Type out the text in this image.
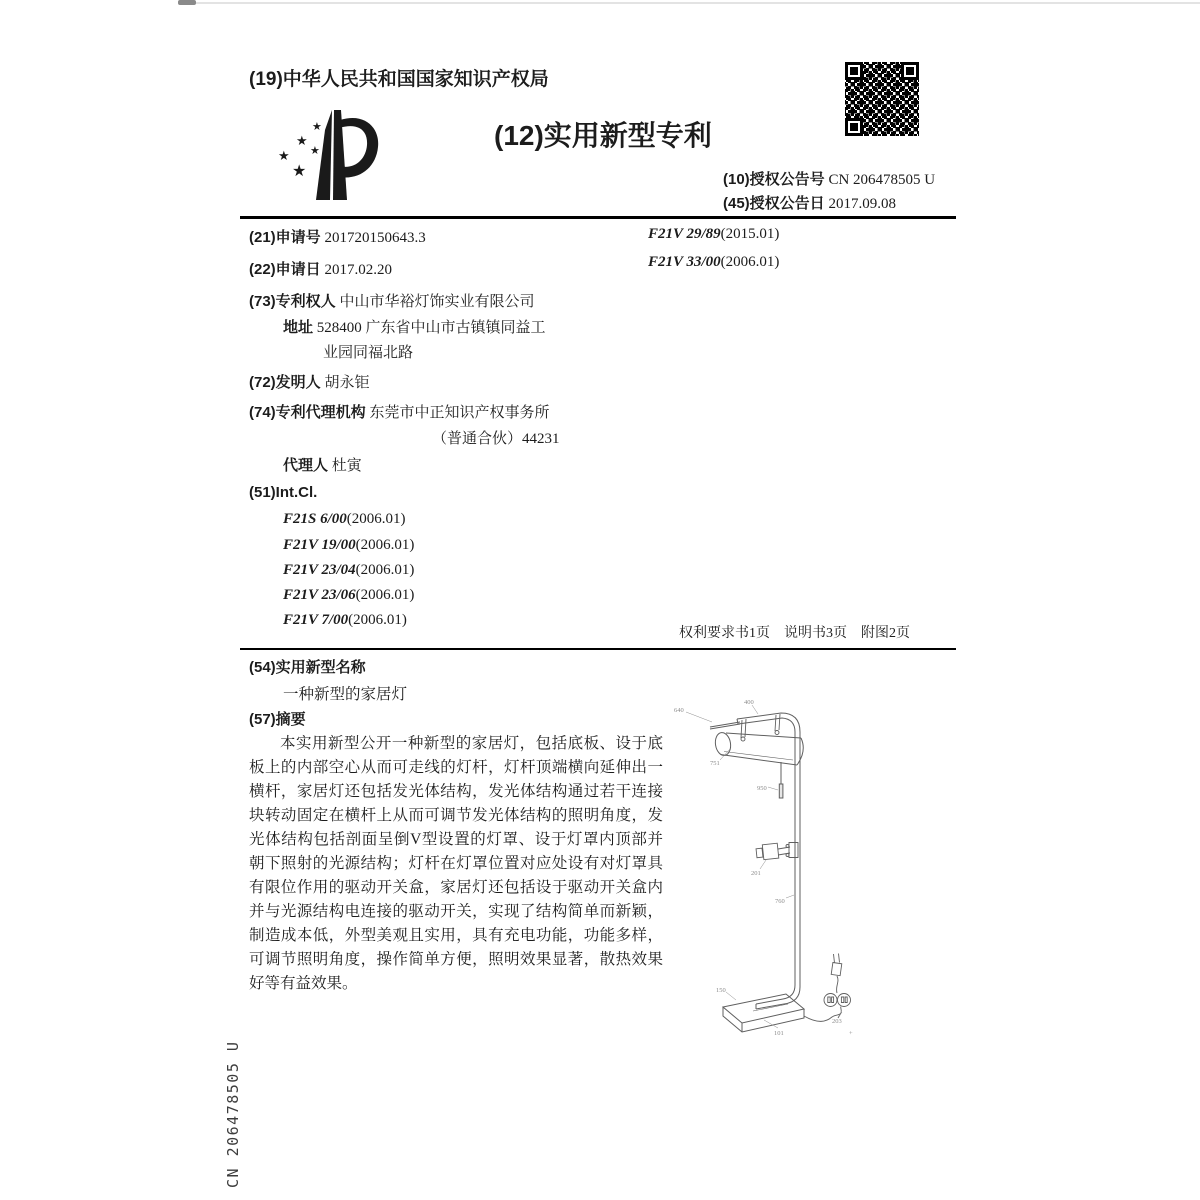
(19)中华人民共和国国家知识产权局
★
★
★
★
★	(12)实用新型专利
(10)授权公告号 CN 206478505 U
(45)授权公告日 2017.09.08
(21)申请号 201720150643.3
(22)申请日 2017.02.20
(73)专利权人 中山市华裕灯饰实业有限公司
地址 528400 广东省中山市古镇镇同益工
业园同福北路
(72)发明人 胡永钜
(74)专利代理机构 东莞市中正知识产权事务所
（普通合伙）44231
代理人 杜寅
(51)Int.Cl.
F21S 6/00(2006.01)
F21V 19/00(2006.01)
F21V 23/04(2006.01)
F21V 23/06(2006.01)
F21V 7/00(2006.01)
F21V 29/89(2015.01)
F21V 33/00(2006.01)
权利要求书1页　说明书3页　附图2页
(54)实用新型名称
一种新型的家居灯
(57)摘要
本实用新型公开一种新型的家居灯，包括底板、设于底板上的内部空心从而可走线的灯杆，灯杆顶端横向延伸出一横杆，家居灯还包括发光体结构，发光体结构通过若干连接块转动固定在横杆上从而可调节发光体结构的照明角度，发光体结构包括剖面呈倒V型设置的灯罩、设于灯罩内顶部并朝下照射的光源结构；灯杆在灯罩位置对应处设有对灯罩具有限位作用的驱动开关盒，家居灯还包括设于驱动开关盒内并与光源结构电连接的驱动开关，实现了结构简单而新颖，制造成本低，外型美观且实用，具有充电功能，功能多样，可调节照明角度，操作简单方便，照明效果显著，散热效果好等有益效果。
640
400
751
950
201
760
150
101
203
+
CN 206478505 U
